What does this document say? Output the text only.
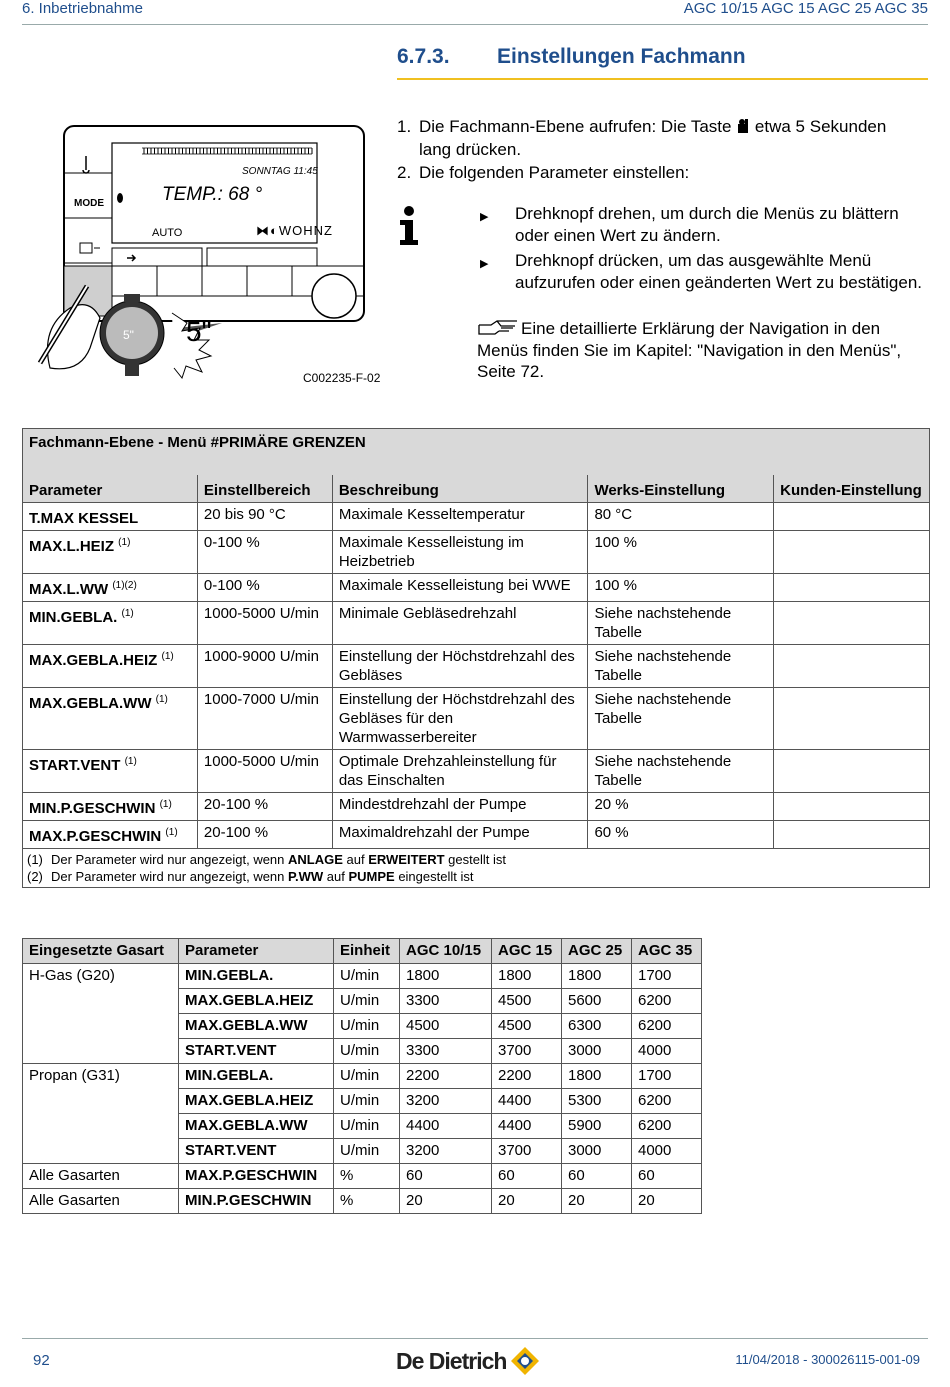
6. Inbetriebnahme	AGC 10/15 AGC 15 AGC 25 AGC 35
6.7.3. Einstellungen Fachmann
SONNTAG 11:45
TEMP.: 68 °
AUTO	⧓◐WOHNZ
MODE
5"
5"
C002235-F-02
1. Die Fachmann-Ebene aufrufen: Die Taste  etwa 5 Sekunden lang drücken.
2. Die folgenden Parameter einstellen:
▶	Drehknopf drehen, um durch die Menüs zu blättern oder einen Wert zu ändern.
▶	Drehknopf drücken, um das ausgewählte Menü aufzurufen oder einen geänderten Wert zu bestätigen.
Eine detaillierte Erklärung der Navigation in den Menüs finden Sie im Kapitel: "Navigation in den Menüs", Seite 72.
Fachmann-Ebene - Menü #PRIMÄRE GRENZEN				
Parameter	Einstellbereich	Beschreibung	Werks-Einstellung	Kunden-Einstellung
T.MAX KESSEL	20 bis 90 °C	Maximale Kesseltemperatur	80 °C	
MAX.L.HEIZ $^{(1)}$	0-100 %	Maximale Kesselleistung im Heizbetrieb	100 %	
MAX.L.WW $^{(1)(2)}$	0-100 %	Maximale Kesselleistung bei WWE	100 %	
MIN.GEBLA. $^{(1)}$	1000-5000 U/min	Minimale Gebläsedrehzahl	Siehe nachstehende Tabelle	
MAX.GEBLA.HEIZ $^{(1)}$	1000-9000 U/min	Einstellung der Höchstdrehzahl des Gebläses	Siehe nachstehende Tabelle	
MAX.GEBLA.WW $^{(1)}$	1000-7000 U/min	Einstellung der Höchstdrehzahl des Gebläses für den Warmwasserbereiter	Siehe nachstehende Tabelle	
START.VENT $^{(1)}$	1000-5000 U/min	Optimale Drehzahleinstellung für das Einschalten	Siehe nachstehende Tabelle	
MIN.P.GESCHWIN $^{(1)}$	20-100 %	Mindestdrehzahl der Pumpe	20 %	
MAX.P.GESCHWIN $^{(1)}$	20-100 %	Maximaldrehzahl der Pumpe	60 %	

(1) Der Parameter wird nur angezeigt, wenn ANLAGE auf ERWEITERT gestellt ist
(2) Der Parameter wird nur angezeigt, wenn P.WW auf PUMPE eingestellt ist				
Eingesetzte Gasart	Parameter	Einheit	AGC 10/15	AGC 15	AGC 25	AGC 35
H-Gas (G20)	MIN.GEBLA.	U/min	1800	1800	1800	1700
	MAX.GEBLA.HEIZ	U/min	3300	4500	5600	6200
	MAX.GEBLA.WW	U/min	4500	4500	6300	6200
	START.VENT	U/min	3300	3700	3000	4000
Propan (G31)	MIN.GEBLA.	U/min	2200	2200	1800	1700
	MAX.GEBLA.HEIZ	U/min	3200	4400	5300	6200
	MAX.GEBLA.WW	U/min	4400	4400	5900	6200
	START.VENT	U/min	3200	3700	3000	4000
Alle Gasarten	MAX.P.GESCHWIN	%	60	60	60	60
Alle Gasarten	MIN.P.GESCHWIN	%	20	20	20	20
92	De Dietrich	11/04/2018 - 300026115-001-09
